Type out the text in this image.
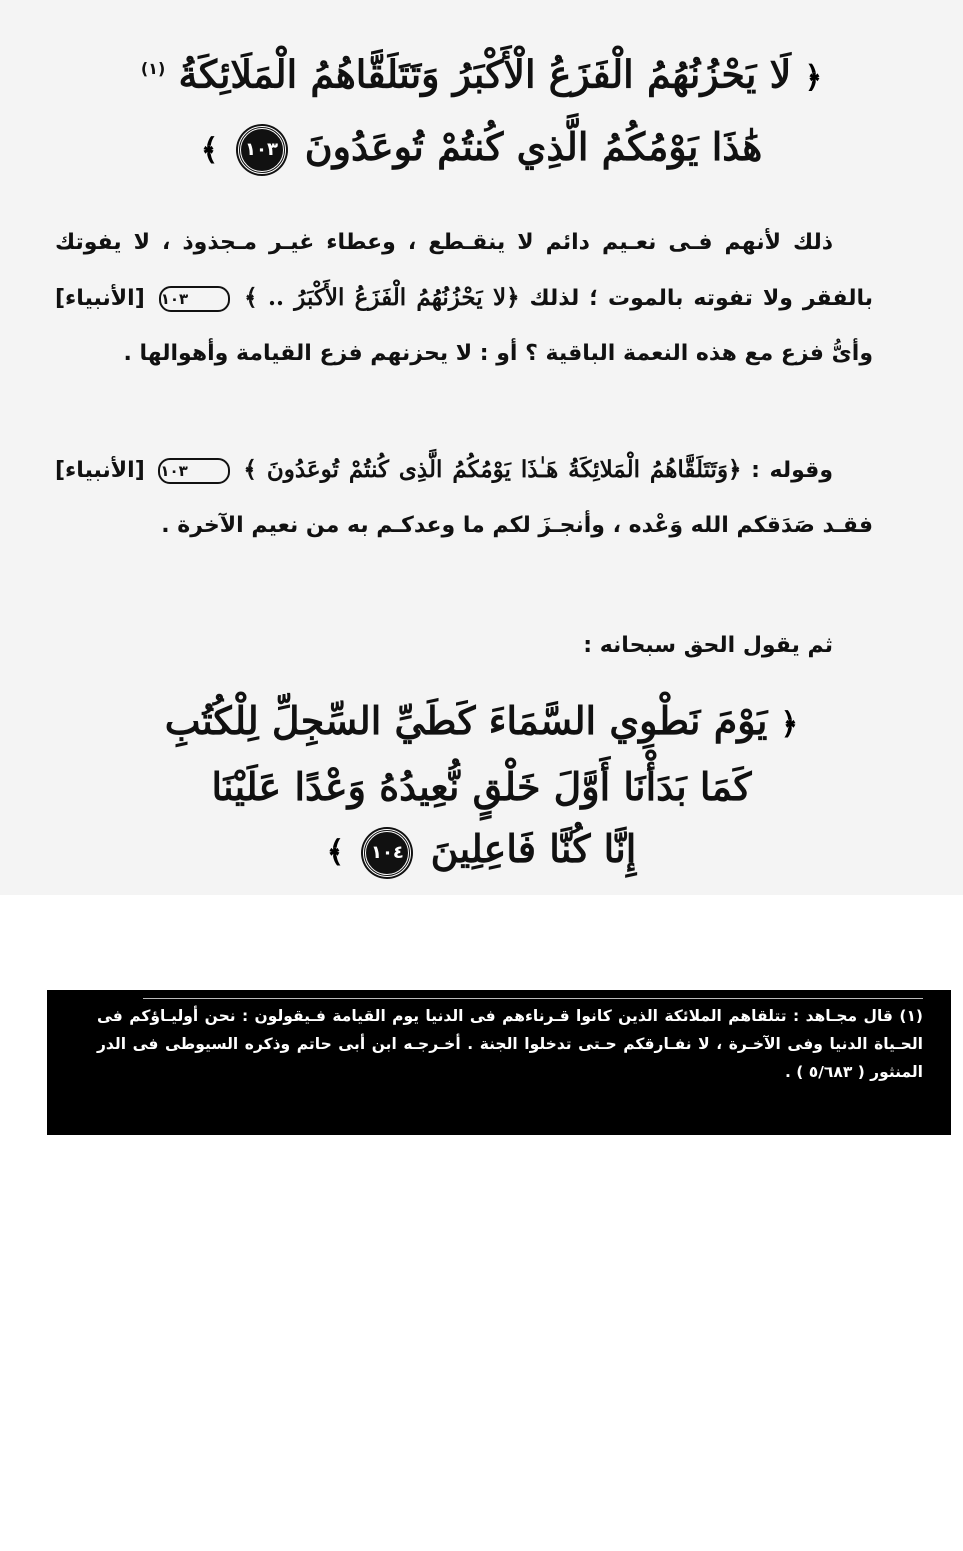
﴿ لَا يَحْزُنُهُمُ الْفَزَعُ الْأَكْبَرُ وَتَتَلَقَّاهُمُ الْمَلَائِكَةُ $^{(١)}$
هَٰذَا يَوْمُكُمُ الَّذِي كُنتُمْ تُوعَدُونَ ١٠٣ ﴾
ذلك لأنهم فـى نعـيم دائم لا ينقـطع ، وعطاء غيـر مـجذوذ ، لا يفوتك بالفقر ولا تفوته بالموت ؛ لذلك ﴿لا يَحْزُنُهُمُ الْفَزَعُ الأَكْبَرُ .. ﴾ ١٠٣ [الأنبياء] وأىُّ فزع مع هذه النعمة الباقية ؟ أو : لا يحزنهم فزع القيامة وأهوالها .
وقوله : ﴿وَتَتَلَقَّاهُمُ الْمَلائِكَةُ هَـٰذَا يَوْمُكُمُ الَّذِى كُنتُمْ تُوعَدُونَ ﴾ ١٠٣ [الأنبياء] فقـد صَدَقكم الله وَعْده ، وأنجـزَ لكم ما وعدكـم به من نعيم الآخرة .
ثم يقول الحق سبحانه :
﴿ يَوْمَ نَطْوِي السَّمَاءَ كَطَيِّ السِّجِلِّ لِلْكُتُبِ
كَمَا بَدَأْنَا أَوَّلَ خَلْقٍ نُّعِيدُهُ وَعْدًا عَلَيْنَا
إِنَّا كُنَّا فَاعِلِينَ ١٠٤ ﴾
(١) قال مجـاهد : تتلقاهم الملائكة الذين كانوا قـرناءهم فى الدنيا يوم القيامة فـيقولون : نحن أوليـاؤكم فى الحـياة الدنيا وفى الآخـرة ، لا نفـارقكم حـتى تدخلوا الجنة . أخـرجـه ابن أبى حاتم وذكره السيوطى فى الدر المنثور ( ٥/٦٨٣ ) .
